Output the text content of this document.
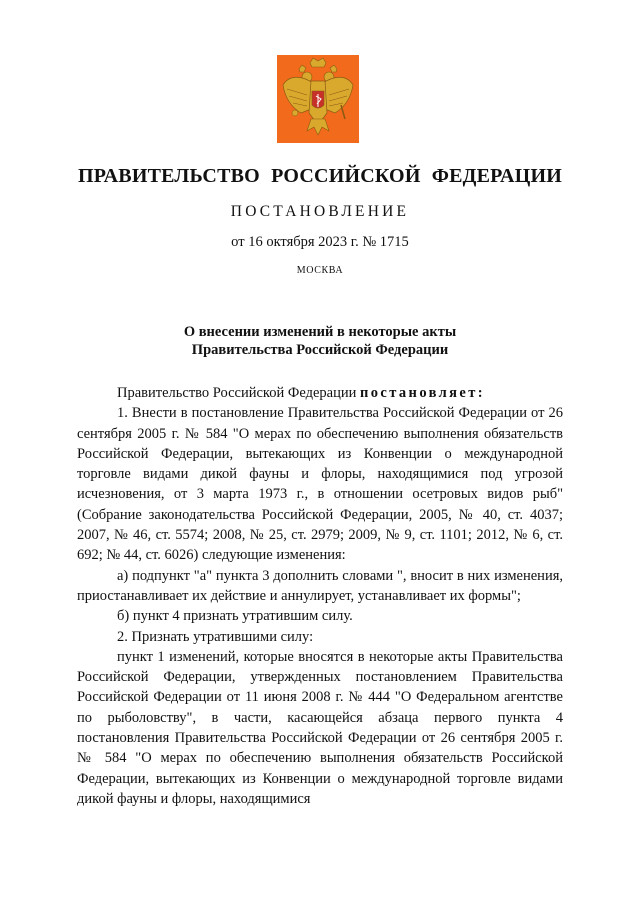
ПРАВИТЕЛЬСТВО РОССИЙСКОЙ ФЕДЕРАЦИИ
ПОСТАНОВЛЕНИЕ
от 16 октября 2023 г. № 1715
МОСКВА
О внесении изменений в некоторые акты
Правительства Российской Федерации

Правительство Российской Федерации постановляет:

1. Внести в постановление Правительства Российской Федерации от 26 сентября 2005 г. № 584 "О мерах по обеспечению выполнения обязательств Российской Федерации, вытекающих из Конвенции о международной торговле видами дикой фауны и флоры, находящимися под угрозой исчезновения, от 3 марта 1973 г., в отношении осетровых видов рыб" (Собрание законодательства Российской Федерации, 2005, № 40, ст. 4037; 2007, № 46, ст. 5574; 2008, № 25, ст. 2979; 2009, № 9, ст. 1101; 2012, № 6, ст. 692; № 44, ст. 6026) следующие изменения:

а) подпункт "а" пункта 3 дополнить словами ", вносит в них изменения, приостанавливает их действие и аннулирует, устанавливает их формы";

б) пункт 4 признать утратившим силу.

2. Признать утратившими силу:

пункт 1 изменений, которые вносятся в некоторые акты Правительства Российской Федерации, утвержденных постановлением Правительства Российской Федерации от 11 июня 2008 г. № 444 "О Федеральном агентстве по рыболовству", в части, касающейся абзаца первого пункта 4 постановления Правительства Российской Федерации от 26 сентября 2005 г. № 584 "О мерах по обеспечению выполнения обязательств Российской Федерации, вытекающих из Конвенции о международной торговле видами дикой фауны и флоры, находящимися
